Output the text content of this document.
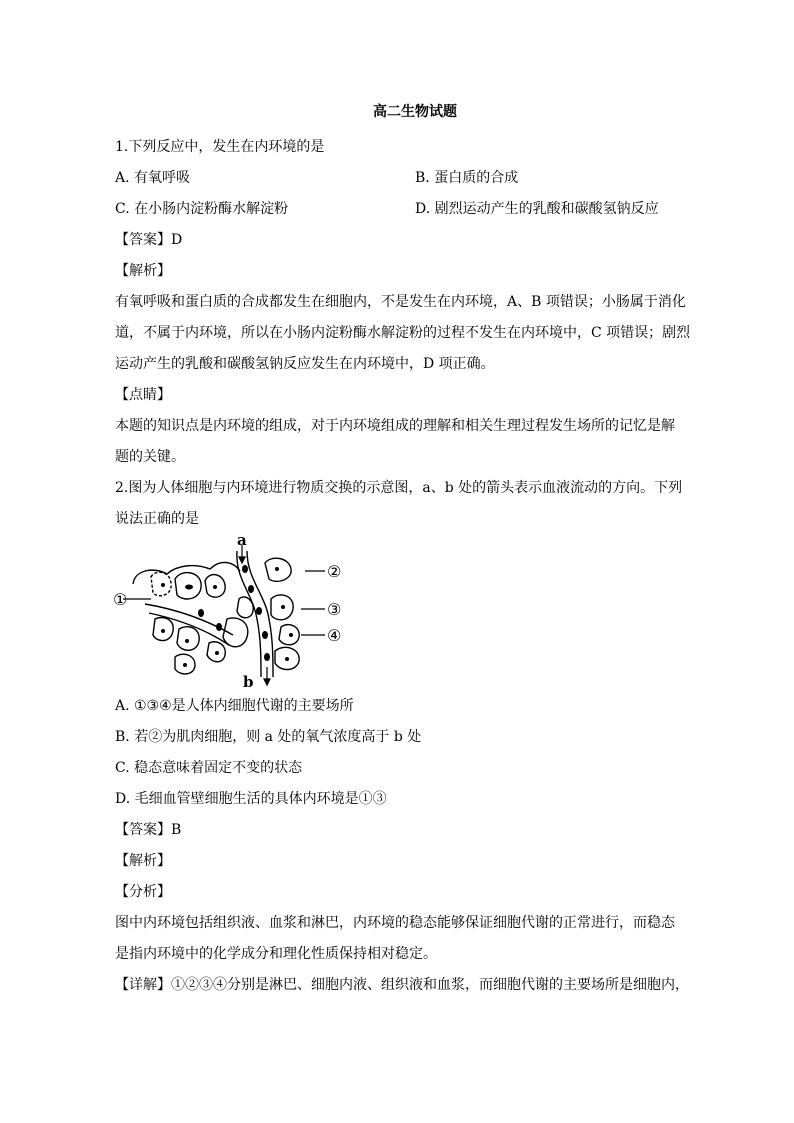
高二生物试题

1.下列反应中，发生在内环境的是

A. 有氧呼吸	B. 蛋白质的合成
C. 在小肠内淀粉酶水解淀粉	D. 剧烈运动产生的乳酸和碳酸氢钠反应

【答案】D

【解析】

有氧呼吸和蛋白质的合成都发生在细胞内，不是发生在内环境，A、B 项错误；小肠属于消化

道，不属于内环境，所以在小肠内淀粉酶水解淀粉的过程不发生在内环境中，C 项错误；剧烈

运动产生的乳酸和碳酸氢钠反应发生在内环境中，D 项正确。

【点睛】

本题的知识点是内环境的组成，对于内环境组成的理解和相关生理过程发生场所的记忆是解

题的关键。

2.图为人体细胞与内环境进行物质交换的示意图，a、b 处的箭头表示血液流动的方向。下列

说法正确的是

a
b
①
②
③
④

A. ①③④是人体内细胞代谢的主要场所

B. 若②为肌肉细胞，则 a 处的氧气浓度高于 b 处

C. 稳态意味着固定不变的状态

D. 毛细血管壁细胞生活的具体内环境是①③

【答案】B

【解析】

【分析】

图中内环境包括组织液、血浆和淋巴，内环境的稳态能够保证细胞代谢的正常进行，而稳态

是指内环境中的化学成分和理化性质保持相对稳定。

【详解】①②③④分别是淋巴、细胞内液、组织液和血浆，而细胞代谢的主要场所是细胞内，
